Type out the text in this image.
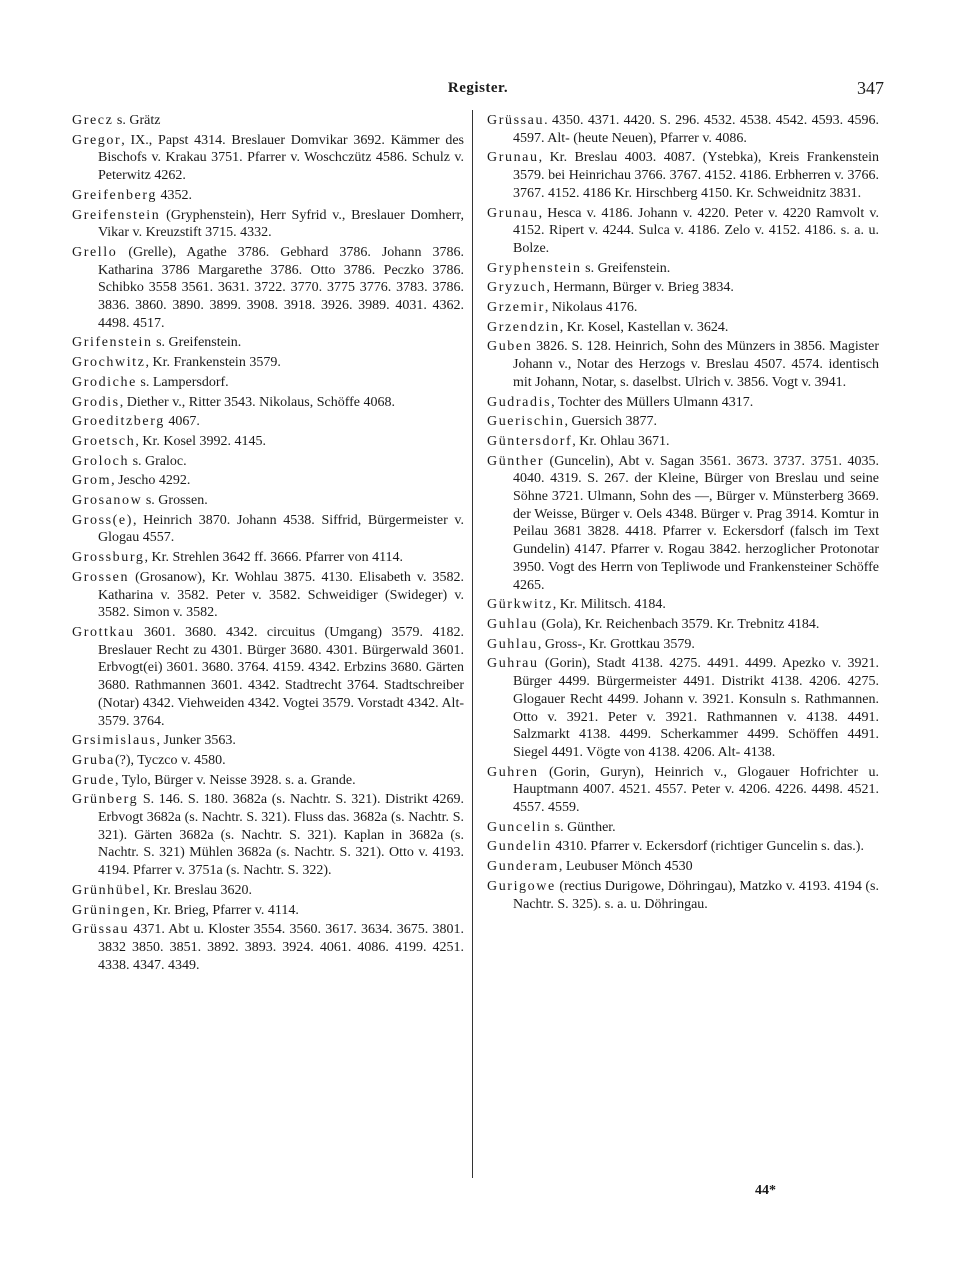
Register.	347

Grecz s. Grätz

Gregor, IX., Papst 4314. Breslauer Domvikar 3692. Kämmer des Bischofs v. Krakau 3751. Pfarrer v. Woschczütz 4586. Schulz v. Peterwitz 4262.

Greifenberg 4352.

Greifenstein (Gryphenstein), Herr Syfrid v., Breslauer Domherr, Vikar v. Kreuzstift 3715. 4332.

Grello (Grelle), Agathe 3786. Gebhard 3786. Johann 3786. Katharina 3786 Margarethe 3786. Otto 3786. Peczko 3786. Schibko 3558 3561. 3631. 3722. 3770. 3775 3776. 3783. 3786. 3836. 3860. 3890. 3899. 3908. 3918. 3926. 3989. 4031. 4362. 4498. 4517.

Grifenstein s. Greifenstein.

Grochwitz, Kr. Frankenstein 3579.

Grodiche s. Lampersdorf.

Grodis, Diether v., Ritter 3543. Nikolaus, Schöffe 4068.

Groeditzberg 4067.

Groetsch, Kr. Kosel 3992. 4145.

Groloch s. Graloc.

Grom, Jescho 4292.

Grosanow s. Grossen.

Gross(e), Heinrich 3870. Johann 4538. Siffrid, Bürgermeister v. Glogau 4557.

Grossburg, Kr. Strehlen 3642 ff. 3666. Pfarrer von 4114.

Grossen (Grosanow), Kr. Wohlau 3875. 4130. Elisabeth v. 3582. Katharina v. 3582. Peter v. 3582. Schweidiger (Swideger) v. 3582. Simon v. 3582.

Grottkau 3601. 3680. 4342. circuitus (Umgang) 3579. 4182. Breslauer Recht zu 4301. Bürger 3680. 4301. Bürgerwald 3601. Erbvogt(ei) 3601. 3680. 3764. 4159. 4342. Erbzins 3680. Gärten 3680. Rathmannen 3601. 4342. Stadtrecht 3764. Stadtschreiber (Notar) 4342. Viehweiden 4342. Vogtei 3579. Vorstadt 4342. Alt- 3579. 3764.

Grsimislaus, Junker 3563.

Gruba(?), Tyczco v. 4580.

Grude, Tylo, Bürger v. Neisse 3928. s. a. Grande.

Grünberg S. 146. S. 180. 3682a (s. Nachtr. S. 321). Distrikt 4269. Erbvogt 3682a (s. Nachtr. S. 321). Fluss das. 3682a (s. Nachtr. S. 321). Gärten 3682a (s. Nachtr. S. 321). Kaplan in 3682a (s. Nachtr. S. 321) Mühlen 3682a (s. Nachtr. S. 321). Otto v. 4193. 4194. Pfarrer v. 3751a (s. Nachtr. S. 322).

Grünhübel, Kr. Breslau 3620.

Grüningen, Kr. Brieg, Pfarrer v. 4114.

Grüssau 4371. Abt u. Kloster 3554. 3560. 3617. 3634. 3675. 3801. 3832 3850. 3851. 3892. 3893. 3924. 4061. 4086. 4199. 4251. 4338. 4347. 4349.

Grüssau. 4350. 4371. 4420. S. 296. 4532. 4538. 4542. 4593. 4596. 4597. Alt- (heute Neuen), Pfarrer v. 4086.

Grunau, Kr. Breslau 4003. 4087. (Ystebka), Kreis Frankenstein 3579. bei Heinrichau 3766. 3767. 4152. 4186. Erbherren v. 3766. 3767. 4152. 4186 Kr. Hirschberg 4150. Kr. Schweidnitz 3831.

Grunau, Hesca v. 4186. Johann v. 4220. Peter v. 4220 Ramvolt v. 4152. Ripert v. 4244. Sulca v. 4186. Zelo v. 4152. 4186. s. a. u. Bolze.

Gryphenstein s. Greifenstein.

Gryzuch, Hermann, Bürger v. Brieg 3834.

Grzemir, Nikolaus 4176.

Grzendzin, Kr. Kosel, Kastellan v. 3624.

Guben 3826. S. 128. Heinrich, Sohn des Münzers in 3856. Magister Johann v., Notar des Herzogs v. Breslau 4507. 4574. identisch mit Johann, Notar, s. daselbst. Ulrich v. 3856. Vogt v. 3941.

Gudradis, Tochter des Müllers Ulmann 4317.

Guerischin, Guersich 3877.

Güntersdorf, Kr. Ohlau 3671.

Günther (Guncelin), Abt v. Sagan 3561. 3673. 3737. 3751. 4035. 4040. 4319. S. 267. der Kleine, Bürger von Breslau und seine Söhne 3721. Ulmann, Sohn des —, Bürger v. Münsterberg 3669. der Weisse, Bürger v. Oels 4348. Bürger v. Prag 3914. Komtur in Peilau 3681 3828. 4418. Pfarrer v. Eckersdorf (falsch im Text Gundelin) 4147. Pfarrer v. Rogau 3842. herzoglicher Protonotar 3950. Vogt des Herrn von Tepliwode und Frankensteiner Schöffe 4265.

Gürkwitz, Kr. Militsch. 4184.

Guhlau (Gola), Kr. Reichenbach 3579. Kr. Trebnitz 4184.

Guhlau, Gross-, Kr. Grottkau 3579.

Guhrau (Gorin), Stadt 4138. 4275. 4491. 4499. Apezko v. 3921. Bürger 4499. Bürgermeister 4491. Distrikt 4138. 4206. 4275. Glogauer Recht 4499. Johann v. 3921. Konsuln s. Rathmannen. Otto v. 3921. Peter v. 3921. Rathmannen v. 4138. 4491. Salzmarkt 4138. 4499. Scherkammer 4499. Schöffen 4491. Siegel 4491. Vögte von 4138. 4206. Alt- 4138.

Guhren (Gorin, Guryn), Heinrich v., Glogauer Hofrichter u. Hauptmann 4007. 4521. 4557. Peter v. 4206. 4226. 4498. 4521. 4557. 4559.

Guncelin s. Günther.

Gundelin 4310. Pfarrer v. Eckersdorf (richtiger Guncelin s. das.).

Gunderam, Leubuser Mönch 4530

Gurigowe (rectius Durigowe, Döhringau), Matzko v. 4193. 4194 (s. Nachtr. S. 325). s. a. u. Döhringau.

44*
